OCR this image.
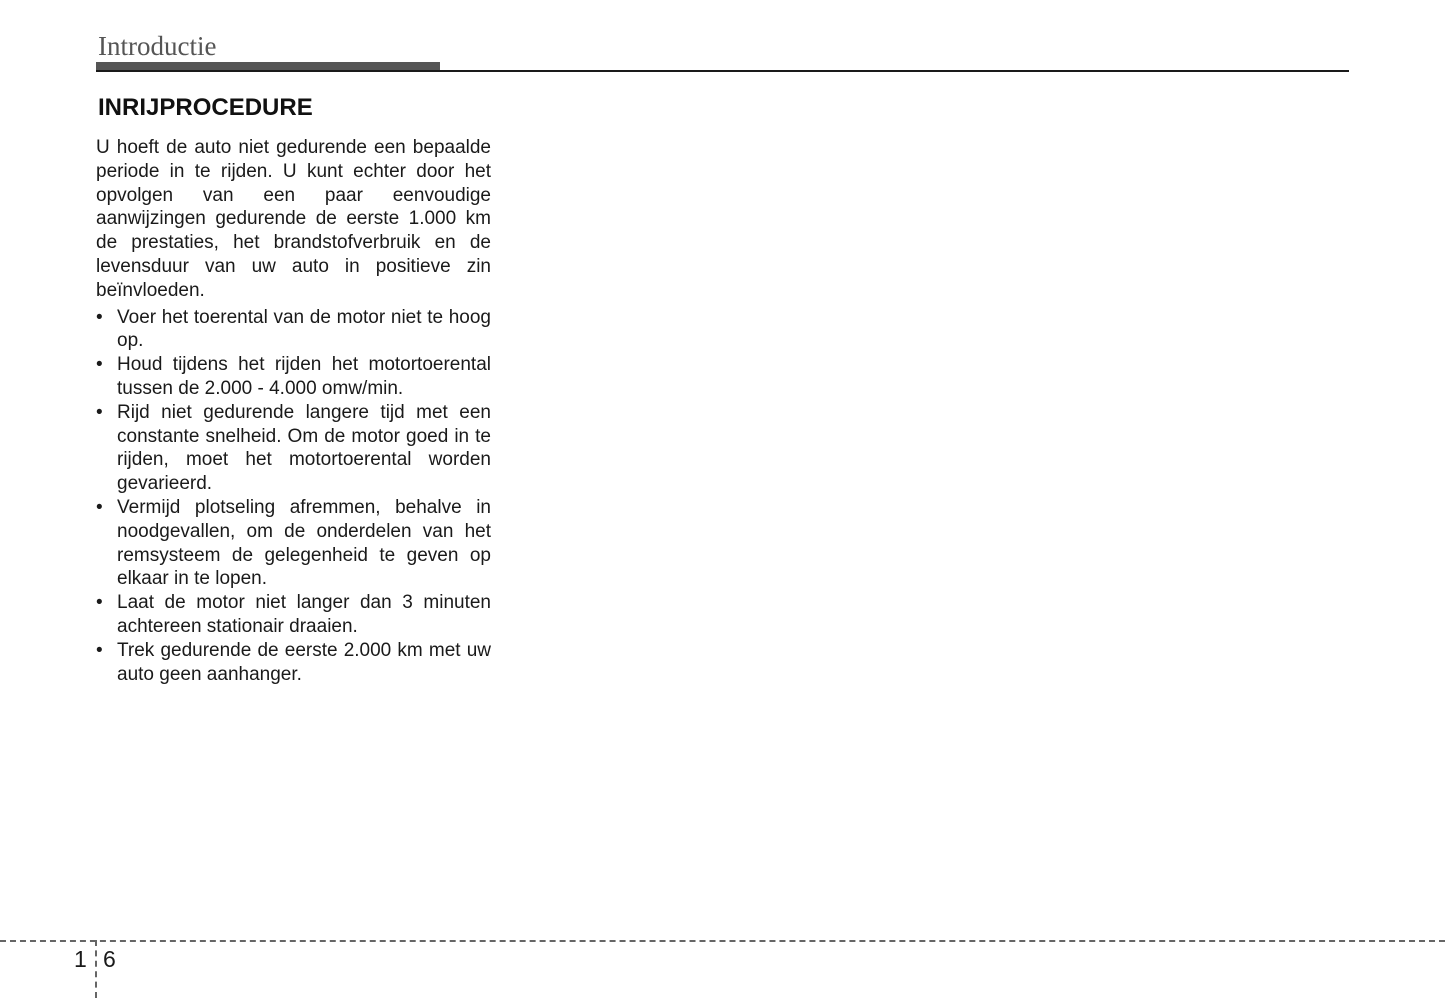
Introductie
INRIJPROCEDURE

U hoeft de auto niet gedurende een bepaalde periode in te rijden. U kunt echter door het opvolgen van een paar eenvoudige aanwijzingen gedurende de eerste 1.000 km de prestaties, het brandstofverbruik en de levensduur van uw auto in positieve zin beïnvloeden.

• Voer het toerental van de motor niet te hoog op.
• Houd tijdens het rijden het motortoerental tussen de 2.000 - 4.000 omw/min.
• Rijd niet gedurende langere tijd met een constante snelheid. Om de motor goed in te rijden, moet het motortoerental worden gevarieerd.
• Vermijd plotseling afremmen, behalve in noodgevallen, om de onderdelen van het remsysteem de gelegenheid te geven op elkaar in te lopen.
• Laat de motor niet langer dan 3 minuten achtereen stationair draaien.
• Trek gedurende de eerste 2.000 km met uw auto geen aanhanger.
1 6
